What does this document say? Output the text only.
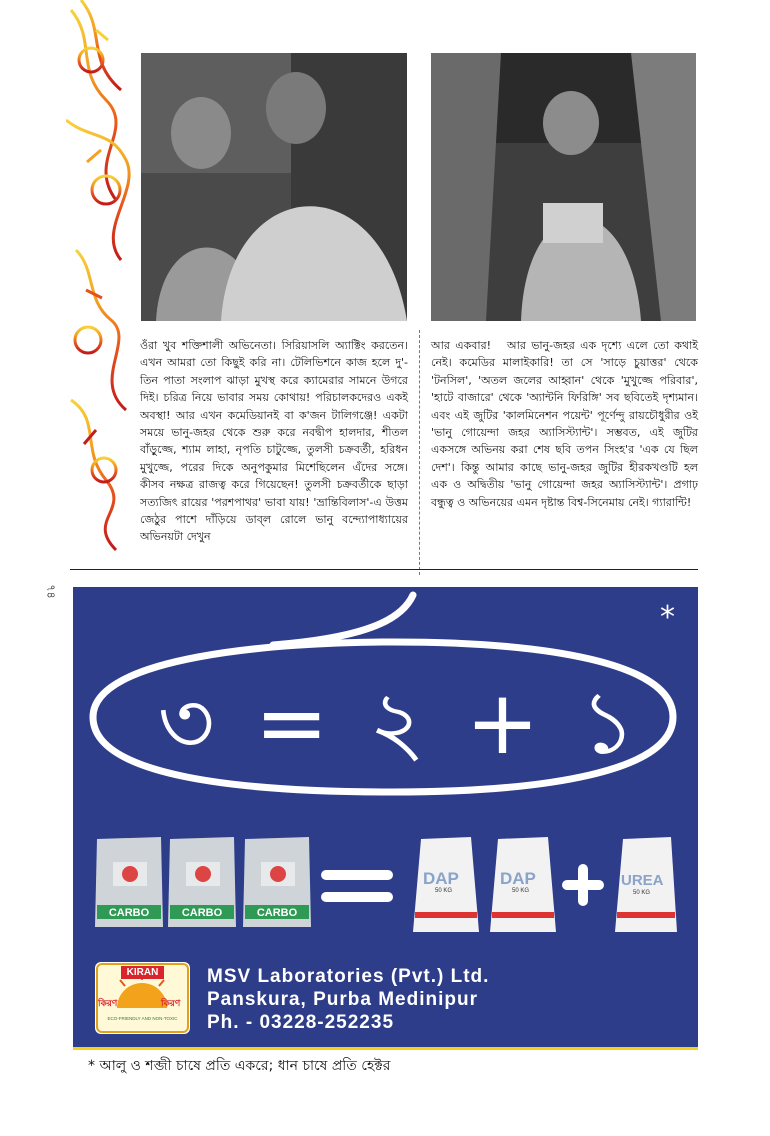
ওঁরা খুব শক্তিশালী অভিনেতা। সিরিয়াসলি অ্যাক্টিং করতেন। এখন আমরা তো কিছুই করি না। টেলিভিশনে কাজ হলে দু'-তিন পাতা সংলাপ ঝাড়া মুখস্থ করে ক্যামেরার সামনে উগরে দিই। চরিত্র নিয়ে ভাবার সময় কোথায়! পরিচালকদেরও একই অবস্থা! আর এখন কমেডিয়ানই বা ক'জন টালিগঞ্জে! একটা সময়ে ভানু-জহর থেকে শুরু করে নবদ্বীপ হালদার, শীতল বাঁড়ুজ্জে, শ্যাম লাহা, নৃপতি চাটুজ্জে, তুলসী চক্রবর্তী, হরিধন মুখুজ্জে, পরের দিকে অনুপকুমার মিশেছিলেন এঁদের সঙ্গে। কীসব নক্ষত্র রাজত্ব করে গিয়েছেন! তুলসী চক্রবর্তীকে ছাড়া সত্যজিৎ রায়ের 'পরশপাথর' ভাবা যায়! 'ভ্রান্তিবিলাস'-এ উত্তম জেঠুর পাশে দাঁড়িয়ে ডাব্‌ল রোলে ভানু বন্দ্যোপাধ্যায়ের অভিনয়টা দেখুন

আর একবার!   আর ভানু-জহর এক দৃশ্যে এলে তো কথাই নেই। কমেডির মালাইকারি! তা সে 'সাড়ে চুয়াত্তর' থেকে 'টনসিল', 'অতল জলের আহ্বান' থেকে 'মুখুজ্জে পরিবার', 'হাটে বাজারে' থেকে 'অ্যান্টনি ফিরিঙ্গি' সব ছবিতেই দৃশ্যমান। এবং এই জুটির 'কালমিনেশন পয়েন্ট' পূর্ণেন্দু রায়চৌধুরীর ওই 'ভানু গোয়েন্দা জহর অ্যাসিস্ট্যান্ট'। সম্ভবত, এই জুটির একসঙ্গে অভিনয় করা শেষ ছবি তপন সিংহ'র 'এক যে ছিল দেশ'। কিন্তু আমার কাছে ভানু-জহর জুটির হীরকখণ্ডটি হল এক ও অদ্বিতীয় 'ভানু গোয়েন্দা জহর অ্যাসিস্ট্যান্ট'। প্রগাঢ় বন্ধুত্ব ও অভিনয়ের এমন দৃষ্টান্ত বিশ্ব-সিনেমায় নেই। গ্যারান্টি!

৭৪
CARBO	CARBO	CARBO
DAP
50 KG
DAP
50 KG
UREA
50 KG
*
৩ = ২ + ১
KIRAN
কিরণ	কিরণ
ECO-FRIENDLY AND NON-TOXIC
MSV Laboratories (Pvt.) Ltd.
Panskura, Purba Medinipur
Ph. - 03228-252235
* আলু ও শব্জী চাষে প্রতি একরে; ধান চাষে প্রতি হেক্টর
